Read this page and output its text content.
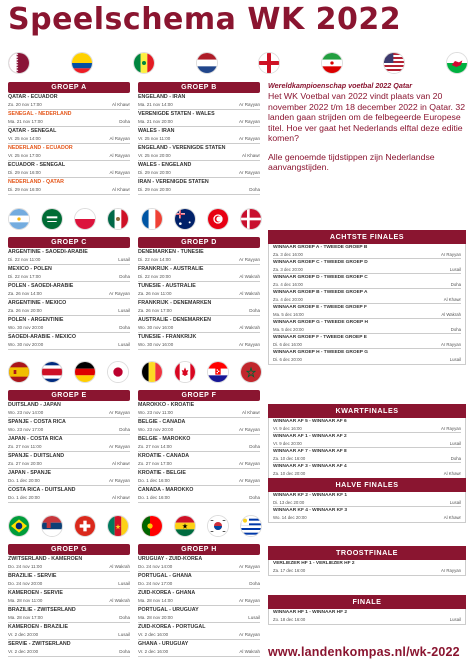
Speelschema WK 2022
GROEP A
QATAR - ECUADOR
Zo. 20 nov 17:00	Al Khawr
SENEGAL - NEDERLAND
Ma. 21 nov 17:00	Doha
QATAR - SENEGAL
Vr. 25 nov 14:00	Al Rayyan
NEDERLAND - ECUADOR
Vr. 25 nov 17:00	Al Rayyan
ECUADOR - SENEGAL
Di. 29 nov 16:00	Al Rayyan
NEDERLAND - QATAR
Di. 29 nov 16:00	Al Khawr
GROEP B
ENGELAND - IRAN
Ma. 21 nov 14:00	Ar Rayyan
VERENIGDE STATEN - WALES
Ma. 21 nov 20:00	Ar Rayyan
WALES - IRAN
Vr. 25 nov 11:00	Ar Rayyan
ENGELAND - VERENIGDE STATEN
Vr. 25 nov 20:00	Al Khawr
WALES - ENGELAND
Di. 29 nov 20:00	Ar Rayyan
IRAN - VERENIGDE STATEN
Di. 29 nov 20:00	Doha
GROEP C
ARGENTINIE - SAOEDI-ARABIE
Di. 22 nov 11:00	Lusail
MEXICO - POLEN
Di. 22 nov 17:00	Doha
POLEN - SAOEDI-ARABIE
Za. 26 nov 14:00	Ar Rayyan
ARGENTINIE - MEXICO
Za. 26 nov 20:00	Lusail
POLEN - ARGENTINIE
Wo. 30 nov 20:00	Doha
SAOEDI-ARABIE - MEXICO
Wo. 30 nov 20:00	Lusail
GROEP D
DENEMARKEN - TUNESIE
Di. 22 nov 14:00	Ar Rayyan
FRANKRIJK - AUSTRALIE
Di. 22 nov 20:00	Al Wakrah
TUNESIE - AUSTRALIE
Za. 26 nov 11:00	Al Wakrah
FRANKRIJK - DENEMARKEN
Za. 26 nov 17:00	Doha
AUSTRALIE - DENEMARKEN
Wo. 30 nov 16:00	Al Wakrah
TUNESIE - FRANKRIJK
Wo. 30 nov 16:00	Ar Rayyan
GROEP E
DUITSLAND - JAPAN
Wo. 23 nov 14:00	Ar Rayyan
SPANJE - COSTA RICA
Wo. 23 nov 17:00	Doha
JAPAN - COSTA RICA
Zo. 27 nov 11:00	Ar Rayyan
SPANJE - DUITSLAND
Zo. 27 nov 20:00	Al Khawr
JAPAN - SPANJE
Do. 1 dec 20:00	Ar Rayyan
COSTA RICA - DUITSLAND
Do. 1 dec 20:00	Al Khawr
GROEP F
MAROKKO - KROATIE
Wo. 23 nov 11:00	Al Khawr
BELGIE - CANADA
Wo. 23 nov 20:00	Ar Rayyan
BELGIE - MAROKKO
Zo. 27 nov 14:00	Doha
KROATIE - CANADA
Zo. 27 nov 17:00	Ar Rayyan
KROATIE - BELGIE
Do. 1 dec 16:00	Ar Rayyan
CANADA - MAROKKO
Do. 1 dec 16:00	Doha
GROEP G
ZWITSERLAND - KAMEROEN
Do. 24 nov 11:00	Al Wakrah
BRAZILIE - SERVIE
Do. 24 nov 20:00	Lusail
KAMEROEN - SERVIE
Ma. 28 nov 11:00	Al Wakrah
BRAZILIE - ZWITSERLAND
Ma. 28 nov 17:00	Doha
KAMEROEN - BRAZILIE
Vr. 2 dec 20:00	Lusail
SERVIE - ZWITSERLAND
Vr. 2 dec 20:00	Doha
GROEP H
URUGUAY - ZUID-KOREA
Do. 24 nov 14:00	Ar Rayyan
PORTUGAL - GHANA
Do. 24 nov 17:00	Doha
ZUID-KOREA - GHANA
Ma. 28 nov 14:00	Ar Rayyan
PORTUGAL - URUGUAY
Ma. 28 nov 20:00	Lusail
ZUID-KOREA - PORTUGAL
Vr. 2 dec 16:00	Ar Rayyan
GHANA - URUGUAY
Vr. 2 dec 16:00	Al Wakrah
Wereldkampioenschap voetbal 2022 Qatar
Het WK Voetbal van 2022 vindt plaats van 20 november 2022 t/m 18 december 2022 in Qatar. 32 landen gaan strijden om de felbegeerde Europese titel. Hoe ver gaat het Nederlands elftal deze editie komen?
Alle genoemde tijdstippen zijn Nederlandse aanvangstijden.
ACHTSTE FINALES
WINNAAR GROEP A - TWEEDE GROEP B
Za. 3 dec 16:00	Ar Rayyan
WINNAAR GROEP C - TWEEDE GROEP D
Za. 3 dec 20:00	Lusail
WINNAAR GROEP D - TWEEDE GROEP C
Zo. 4 dec 16:00	Doha
WINNAAR GROEP B - TWEEDE GROEP A
Zo. 4 dec 20:00	Al Khawr
WINNAAR GROEP E - TWEEDE GROEP F
Ma. 5 dec 16:00	Al Wakrah
WINNAAR GROEP G - TWEEDE GROEP H
Ma. 5 dec 20:00	Doha
WINNAAR GROEP F - TWEEDE GROEP E
Di. 6 dec 16:00	Ar Rayyan
WINNAAR GROEP H - TWEEDE GROEP G
Di. 6 dec 20:00	Lusail
KWARTFINALES
WINNAAR AF 5 - WINNAAR AF 6
Vr. 9 dec 16:00	Ar Rayyan
WINNAAR AF 1 - WINNAAR AF 2
Vr. 9 dec 20:00	Lusail
WINNAAR AF 7 - WINNAAR AF 8
Za. 10 dec 16:00	Doha
WINNAAR AF 3 - WINNAAR AF 4
Za. 10 dec 20:00	Al Khawr
HALVE FINALES
WINNAAR KF 2 - WINNAAR KF 1
Di. 13 dec 20:00	Lusail
WINNAAR KF 4 - WINNAAR KF 3
Wo. 14 dec 20:00	Al Khawr
TROOSTFINALE
VERLIEZER HF 1 - VERLIEZER HF 2
Za. 17 dec 16:00	Ar Rayyan
FINALE
WINNAAR HF 1 - WINNAAR HF 2
Zo. 18 dec 16:00	Lusail
www.landenkompas.nl/wk-2022
